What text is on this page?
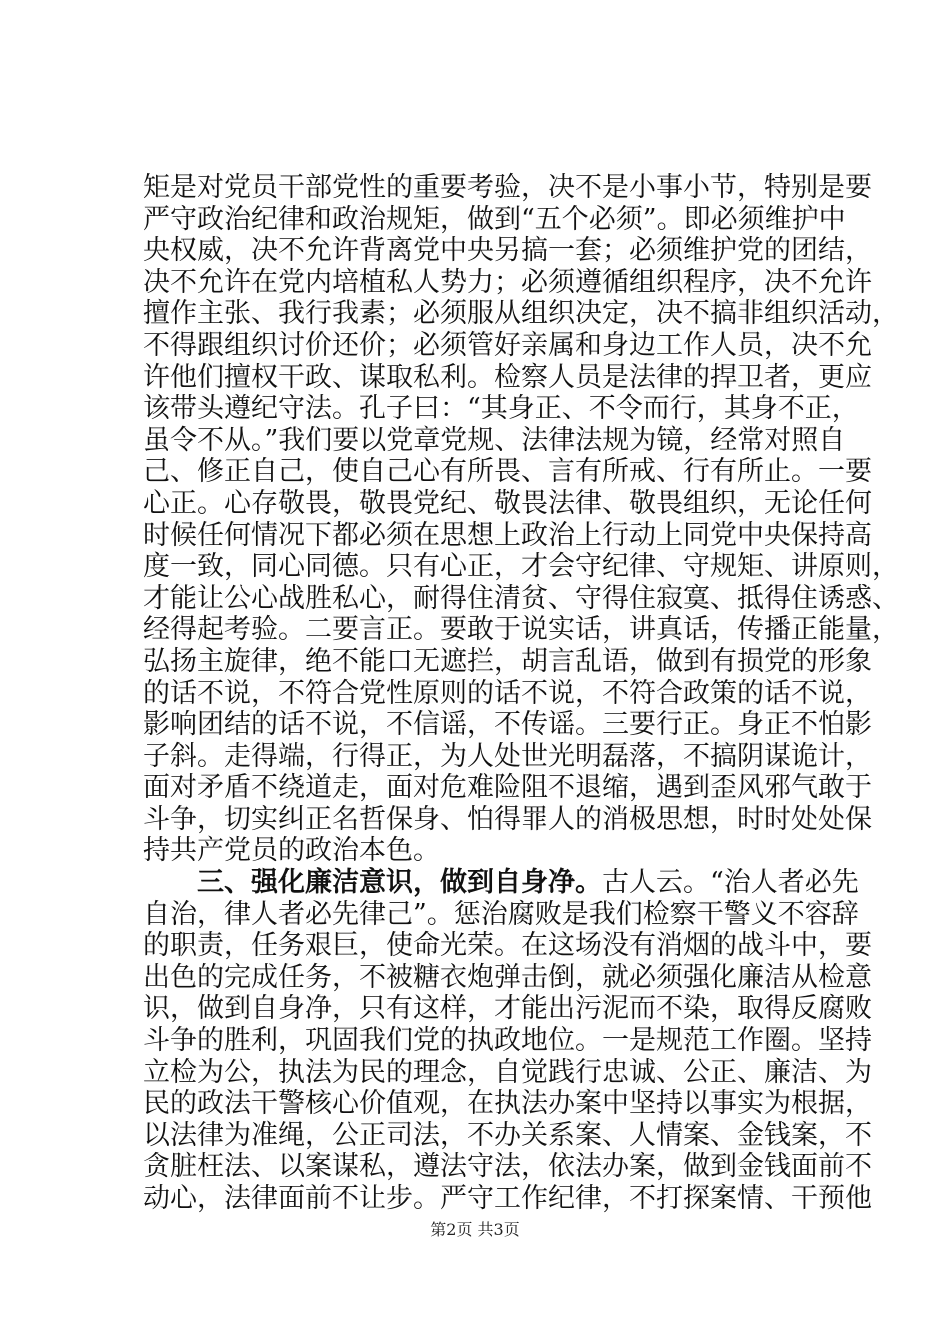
矩是对党员干部党性的重要考验，决不是小事小节，特别是要
严守政治纪律和政治规矩，做到“五个必须”。即必须维护中
央权威，决不允许背离党中央另搞一套；必须维护党的团结，
决不允许在党内培植私人势力；必须遵循组织程序，决不允许
擅作主张、我行我素；必须服从组织决定，决不搞非组织活动，
不得跟组织讨价还价；必须管好亲属和身边工作人员，决不允
许他们擅权干政、谋取私利。检察人员是法律的捍卫者，更应
该带头遵纪守法。孔子曰：“其身正、不令而行，其身不正，
虽令不从。”我们要以党章党规、法律法规为镜，经常对照自
己、修正自己，使自己心有所畏、言有所戒、行有所止。一要
心正。心存敬畏，敬畏党纪、敬畏法律、敬畏组织，无论任何
时候任何情况下都必须在思想上政治上行动上同党中央保持高
度一致，同心同德。只有心正，才会守纪律、守规矩、讲原则，
才能让公心战胜私心，耐得住清贫、守得住寂寞、抵得住诱惑、
经得起考验。二要言正。要敢于说实话，讲真话，传播正能量，
弘扬主旋律，绝不能口无遮拦，胡言乱语，做到有损党的形象
的话不说，不符合党性原则的话不说，不符合政策的话不说，
影响团结的话不说，不信谣，不传谣。三要行正。身正不怕影
子斜。走得端，行得正，为人处世光明磊落，不搞阴谋诡计，
面对矛盾不绕道走，面对危难险阻不退缩，遇到歪风邪气敢于
斗争，切实纠正名哲保身、怕得罪人的消极思想，时时处处保
持共产党员的政治本色。
三、强化廉洁意识，做到自身净。古人云。“治人者必先
自治，律人者必先律己”。惩治腐败是我们检察干警义不容辞
的职责，任务艰巨，使命光荣。在这场没有消烟的战斗中，要
出色的完成任务，不被糖衣炮弹击倒，就必须强化廉洁从检意
识，做到自身净，只有这样，才能出污泥而不染，取得反腐败
斗争的胜利，巩固我们党的执政地位。一是规范工作圈。坚持
立检为公，执法为民的理念，自觉践行忠诚、公正、廉洁、为
民的政法干警核心价值观，在执法办案中坚持以事实为根据，
以法律为准绳，公正司法，不办关系案、人情案、金钱案，不
贪脏枉法、以案谋私，遵法守法，依法办案，做到金钱面前不
动心，法律面前不让步。严守工作纪律，不打探案情、干预他
第2页 共3页
